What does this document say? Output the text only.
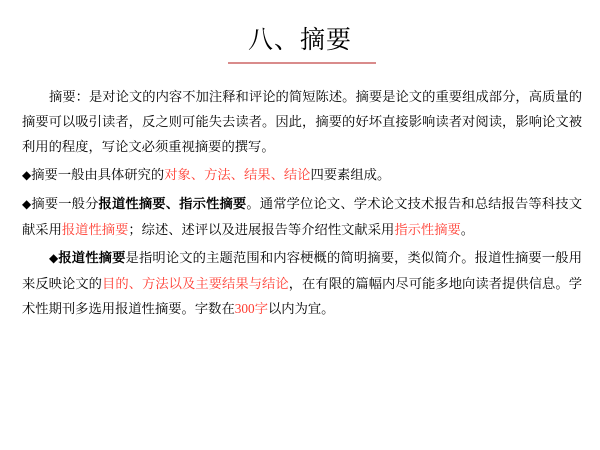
八、摘要

摘要：是对论文的内容不加注释和评论的简短陈述。摘要是论文的重要组成部分，高质量的摘要可以吸引读者，反之则可能失去读者。因此，摘要的好坏直接影响读者对阅读，影响论文被利用的程度，写论文必须重视摘要的撰写。

◆摘要一般由具体研究的对象、方法、结果、结论四要素组成。

◆摘要一般分报道性摘要、指示性摘要。通常学位论文、学术论文技术报告和总结报告等科技文献采用报道性摘要；综述、述评以及进展报告等介绍性文献采用指示性摘要。

◆报道性摘要是指明论文的主题范围和内容梗概的简明摘要，类似简介。报道性摘要一般用来反映论文的目的、方法以及主要结果与结论，在有限的篇幅内尽可能多地向读者提供信息。学术性期刊多选用报道性摘要。字数在300字以内为宜。
